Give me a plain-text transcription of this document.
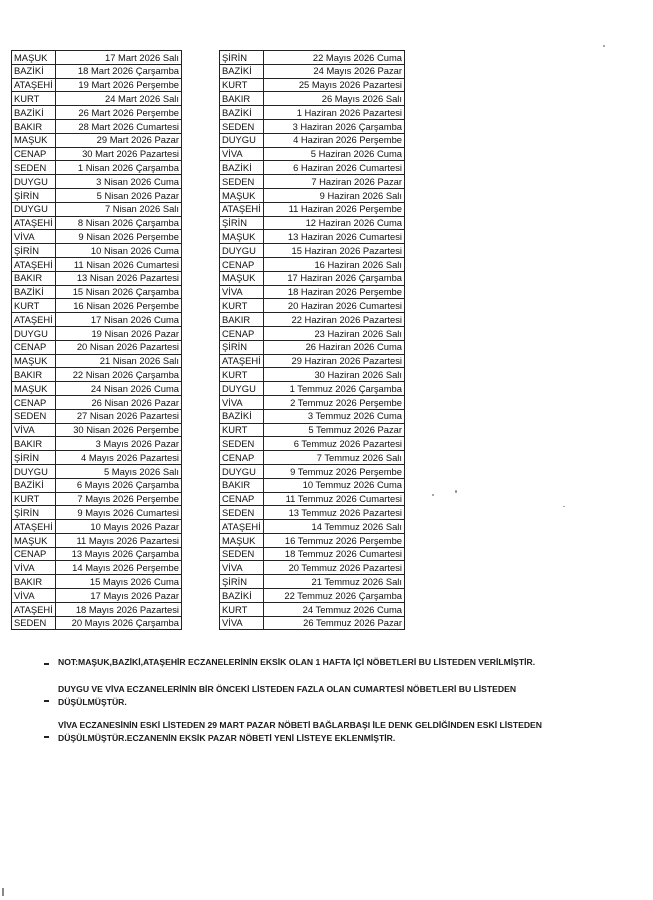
MAŞUK	17 Mart 2026 Salı
BAZİKİ	18 Mart 2026 Çarşamba
ATAŞEHİ	19 Mart 2026 Perşembe
KURT	24 Mart 2026 Salı
BAZİKİ	26 Mart 2026 Perşembe
BAKIR	28 Mart 2026 Cumartesi
MAŞUK	29 Mart 2026 Pazar
CENAP	30 Mart 2026 Pazartesi
SEDEN	1 Nisan 2026 Çarşamba
DUYGU	3 Nisan 2026 Cuma
ŞİRİN	5 Nisan 2026 Pazar
DUYGU	7 Nisan 2026 Salı
ATAŞEHİ	8 Nisan 2026 Çarşamba
VİVA	9 Nisan 2026 Perşembe
ŞİRİN	10 Nisan 2026 Cuma
ATAŞEHİ	11 Nisan 2026 Cumartesi
BAKIR	13 Nisan 2026 Pazartesi
BAZİKİ	15 Nisan 2026 Çarşamba
KURT	16 Nisan 2026 Perşembe
ATAŞEHİ	17 Nisan 2026 Cuma
DUYGU	19 Nisan 2026 Pazar
CENAP	20 Nisan 2026 Pazartesi
MAŞUK	21 Nisan 2026 Salı
BAKIR	22 Nisan 2026 Çarşamba
MAŞUK	24 Nisan 2026 Cuma
CENAP	26 Nisan 2026 Pazar
SEDEN	27 Nisan 2026 Pazartesi
VİVA	30 Nisan 2026 Perşembe
BAKIR	3 Mayıs 2026 Pazar
ŞİRİN	4 Mayıs 2026 Pazartesi
DUYGU	5 Mayıs 2026 Salı
BAZİKİ	6 Mayıs 2026 Çarşamba
KURT	7 Mayıs 2026 Perşembe
ŞİRİN	9 Mayıs 2026 Cumartesi
ATAŞEHİ	10 Mayıs 2026 Pazar
MAŞUK	11 Mayıs 2026 Pazartesi
CENAP	13 Mayıs 2026 Çarşamba
VİVA	14 Mayıs 2026 Perşembe
BAKIR	15 Mayıs 2026 Cuma
VİVA	17 Mayıs 2026 Pazar
ATAŞEHİ	18 Mayıs 2026 Pazartesi
SEDEN	20 Mayıs 2026 Çarşamba
ŞİRİN	22 Mayıs 2026 Cuma
BAZİKİ	24 Mayıs 2026 Pazar
KURT	25 Mayıs 2026 Pazartesi
BAKIR	26 Mayıs 2026 Salı
BAZİKİ	1 Haziran 2026 Pazartesi
SEDEN	3 Haziran 2026 Çarşamba
DUYGU	4 Haziran 2026 Perşembe
VİVA	5 Haziran 2026 Cuma
BAZİKİ	6 Haziran 2026 Cumartesi
SEDEN	7 Haziran 2026 Pazar
MAŞUK	9 Haziran 2026 Salı
ATAŞEHİ	11 Haziran 2026 Perşembe
ŞİRİN	12 Haziran 2026 Cuma
MAŞUK	13 Haziran 2026 Cumartesi
DUYGU	15 Haziran 2026 Pazartesi
CENAP	16 Haziran 2026 Salı
MAŞUK	17 Haziran 2026 Çarşamba
VİVA	18 Haziran 2026 Perşembe
KURT	20 Haziran 2026 Cumartesi
BAKIR	22 Haziran 2026 Pazartesi
CENAP	23 Haziran 2026 Salı
ŞİRİN	26 Haziran 2026 Cuma
ATAŞEHİ	29 Haziran 2026 Pazartesi
KURT	30 Haziran 2026 Salı
DUYGU	1 Temmuz 2026 Çarşamba
VİVA	2 Temmuz 2026 Perşembe
BAZİKİ	3 Temmuz 2026 Cuma
KURT	5 Temmuz 2026 Pazar
SEDEN	6 Temmuz 2026 Pazartesi
CENAP	7 Temmuz 2026 Salı
DUYGU	9 Temmuz 2026 Perşembe
BAKIR	10 Temmuz 2026 Cuma
CENAP	11 Temmuz 2026 Cumartesi
SEDEN	13 Temmuz 2026 Pazartesi
ATAŞEHİ	14 Temmuz 2026 Salı
MAŞUK	16 Temmuz 2026 Perşembe
SEDEN	18 Temmuz 2026 Cumartesi
VİVA	20 Temmuz 2026 Pazartesi
ŞİRİN	21 Temmuz 2026 Salı
BAZİKİ	22 Temmuz 2026 Çarşamba
KURT	24 Temmuz 2026 Cuma
VİVA	26 Temmuz 2026 Pazar
NOT:MAŞUK,BAZİKİ,ATAŞEHİR ECZANELERİNİN EKSİK OLAN 1 HAFTA İÇİ NÖBETLERİ BU LİSTEDEN VERİLMİŞTİR.
DUYGU VE VİVA ECZANELERİNİN BİR ÖNCEKİ LİSTEDEN FAZLA OLAN CUMARTESİ NÖBETLERİ BU LİSTEDEN DÜŞÜLMÜŞTÜR.
VİVA ECZANESİNİN ESKİ LİSTEDEN 29 MART PAZAR NÖBETİ BAĞLARBAŞI İLE DENK GELDİĞİNDEN ESKİ LİSTEDEN DÜŞÜLMÜŞTÜR.ECZANENİN EKSİK PAZAR NÖBETİ YENİ LİSTEYE EKLENMİŞTİR.
